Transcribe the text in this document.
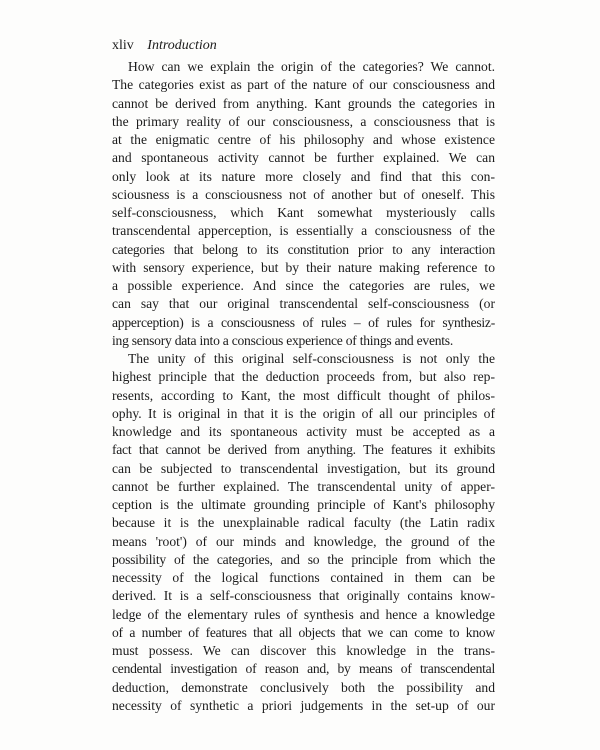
xliv Introduction
How can we explain the origin of the categories? We cannot.
The categories exist as part of the nature of our consciousness and
cannot be derived from anything. Kant grounds the categories in
the primary reality of our consciousness, a consciousness that is
at the enigmatic centre of his philosophy and whose existence
and spontaneous activity cannot be further explained. We can
only look at its nature more closely and find that this con-
sciousness is a consciousness not of another but of oneself. This
self-consciousness, which Kant somewhat mysteriously calls
transcendental apperception, is essentially a consciousness of the
categories that belong to its constitution prior to any interaction
with sensory experience, but by their nature making reference to
a possible experience. And since the categories are rules, we
can say that our original transcendental self-consciousness (or
apperception) is a consciousness of rules – of rules for synthesiz-
ing sensory data into a conscious experience of things and events.
The unity of this original self-consciousness is not only the
highest principle that the deduction proceeds from, but also rep-
resents, according to Kant, the most difficult thought of philos-
ophy. It is original in that it is the origin of all our principles of
knowledge and its spontaneous activity must be accepted as a
fact that cannot be derived from anything. The features it exhibits
can be subjected to transcendental investigation, but its ground
cannot be further explained. The transcendental unity of apper-
ception is the ultimate grounding principle of Kant's philosophy
because it is the unexplainable radical faculty (the Latin radix
means 'root') of our minds and knowledge, the ground of the
possibility of the categories, and so the principle from which the
necessity of the logical functions contained in them can be
derived. It is a self-consciousness that originally contains know-
ledge of the elementary rules of synthesis and hence a knowledge
of a number of features that all objects that we can come to know
must possess. We can discover this knowledge in the trans-
cendental investigation of reason and, by means of transcendental
deduction, demonstrate conclusively both the possibility and
necessity of synthetic a priori judgements in the set-up of our
